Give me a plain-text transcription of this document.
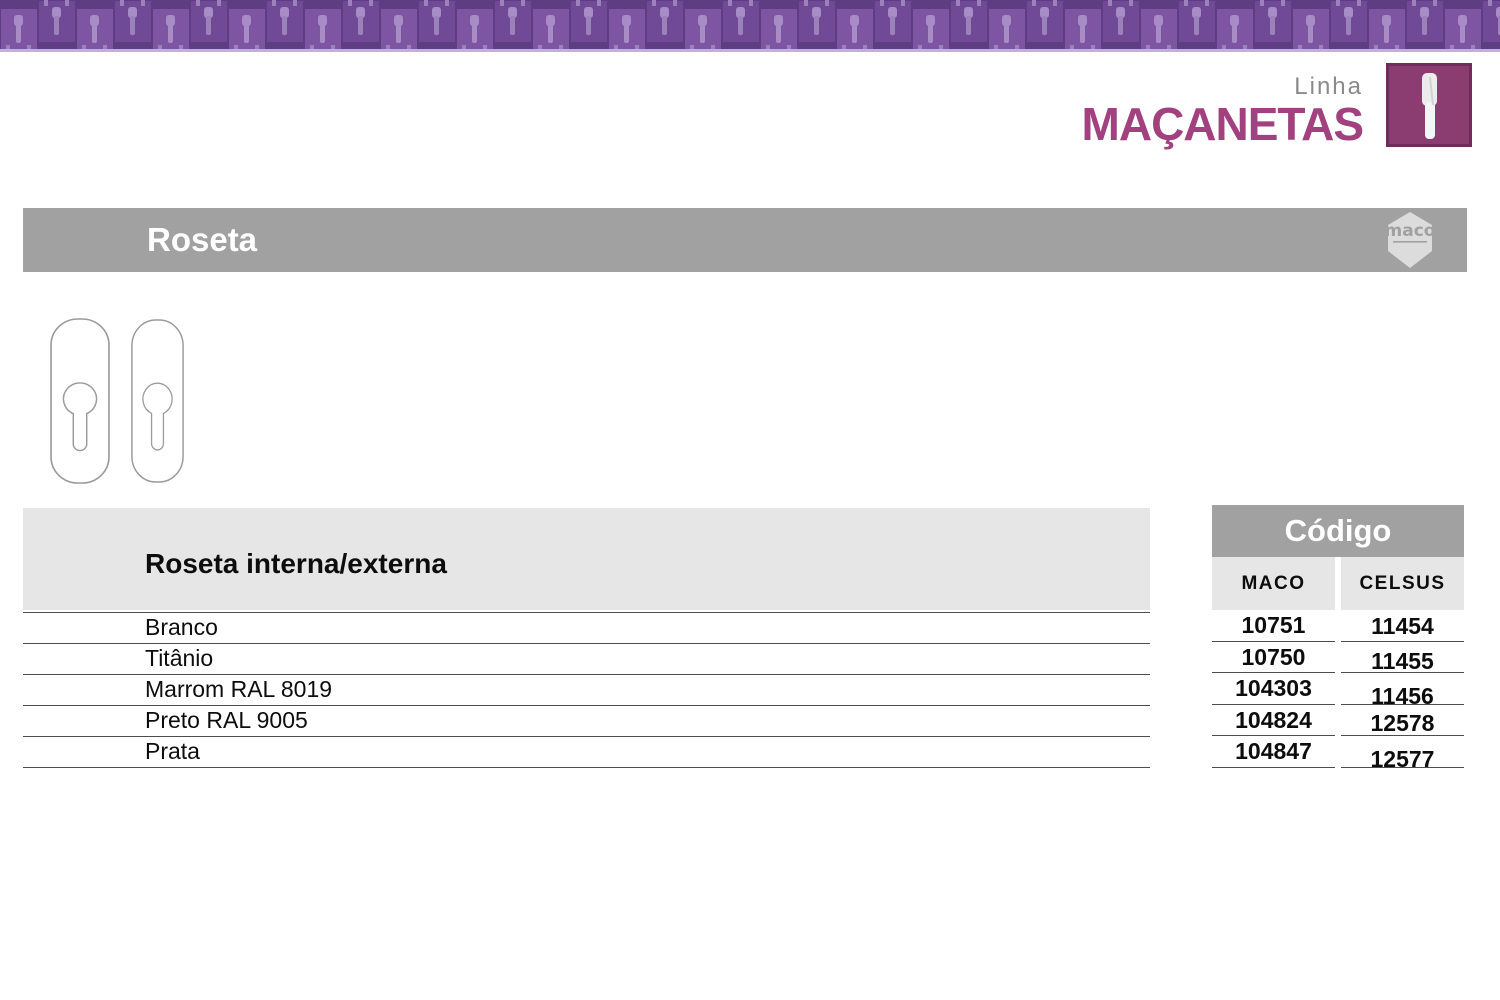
Linha
MAÇANETAS
Roseta	maco
Roseta interna/externa
Branco
Titânio
Marrom RAL 8019
Preto RAL 9005
Prata
Código
MACO
10751
10750
104303
104824
104847
CELSUS
11454
11455
11456
12578
12577
